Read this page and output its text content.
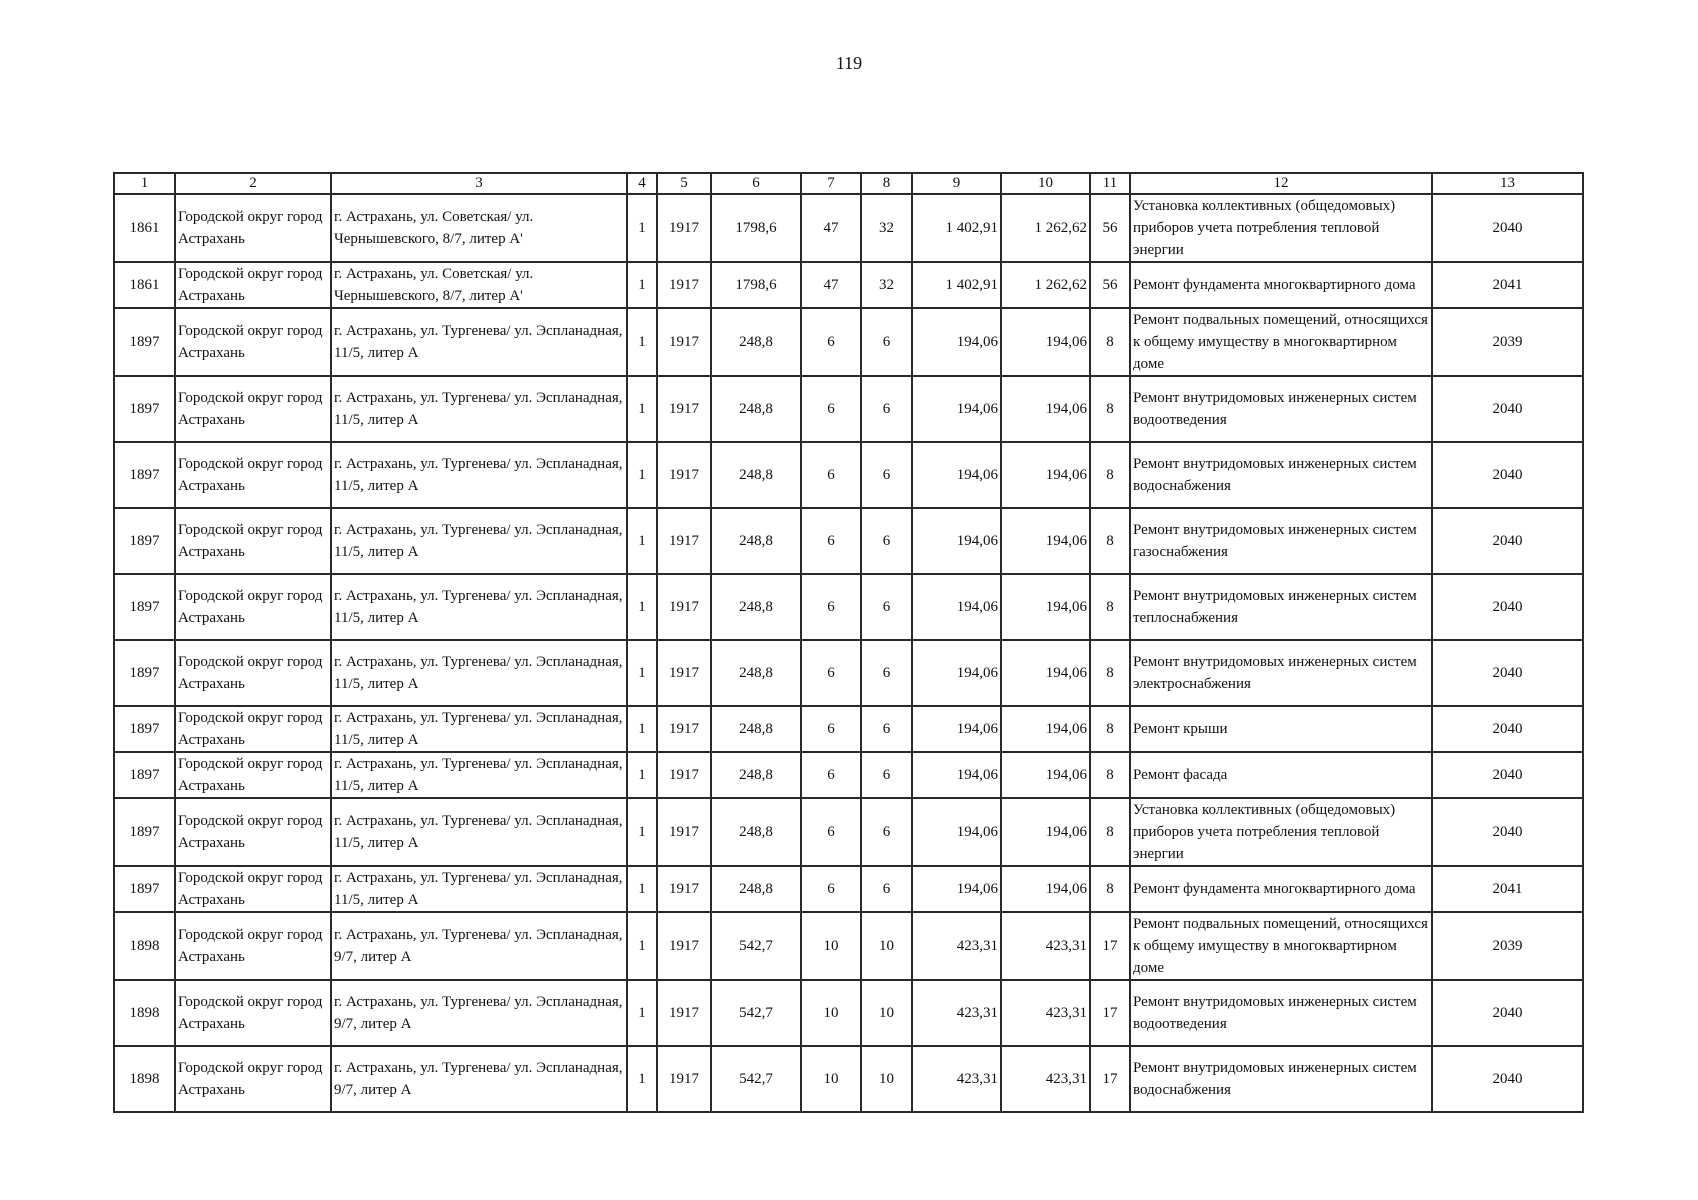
119
1	2	3	4	5	6	7	8	9	10	11	12	13
1861	Городской округ город Астрахань	г. Астрахань, ул. Советская/ ул. Чернышевского, 8/7, литер А'	1	1917	1798,6	47	32	1 402,91	1 262,62	56	Установка коллективных (общедомовых) приборов учета потребления тепловой энергии	2040
1861	Городской округ город Астрахань	г. Астрахань, ул. Советская/ ул. Чернышевского, 8/7, литер А'	1	1917	1798,6	47	32	1 402,91	1 262,62	56	Ремонт фундамента многоквартирного дома	2041
1897	Городской округ город Астрахань	г. Астрахань, ул. Тургенева/ ул. Эспланадная, 11/5, литер А	1	1917	248,8	6	6	194,06	194,06	8	Ремонт подвальных помещений, относящихся к общему имуществу в многоквартирном доме	2039
1897	Городской округ город Астрахань	г. Астрахань, ул. Тургенева/ ул. Эспланадная, 11/5, литер А	1	1917	248,8	6	6	194,06	194,06	8	Ремонт внутридомовых инженерных систем водоотведения	2040
1897	Городской округ город Астрахань	г. Астрахань, ул. Тургенева/ ул. Эспланадная, 11/5, литер А	1	1917	248,8	6	6	194,06	194,06	8	Ремонт внутридомовых инженерных систем водоснабжения	2040
1897	Городской округ город Астрахань	г. Астрахань, ул. Тургенева/ ул. Эспланадная, 11/5, литер А	1	1917	248,8	6	6	194,06	194,06	8	Ремонт внутридомовых инженерных систем газоснабжения	2040
1897	Городской округ город Астрахань	г. Астрахань, ул. Тургенева/ ул. Эспланадная, 11/5, литер А	1	1917	248,8	6	6	194,06	194,06	8	Ремонт внутридомовых инженерных систем теплоснабжения	2040
1897	Городской округ город Астрахань	г. Астрахань, ул. Тургенева/ ул. Эспланадная, 11/5, литер А	1	1917	248,8	6	6	194,06	194,06	8	Ремонт внутридомовых инженерных систем электроснабжения	2040
1897	Городской округ город Астрахань	г. Астрахань, ул. Тургенева/ ул. Эспланадная, 11/5, литер А	1	1917	248,8	6	6	194,06	194,06	8	Ремонт крыши	2040
1897	Городской округ город Астрахань	г. Астрахань, ул. Тургенева/ ул. Эспланадная, 11/5, литер А	1	1917	248,8	6	6	194,06	194,06	8	Ремонт фасада	2040
1897	Городской округ город Астрахань	г. Астрахань, ул. Тургенева/ ул. Эспланадная, 11/5, литер А	1	1917	248,8	6	6	194,06	194,06	8	Установка коллективных (общедомовых) приборов учета потребления тепловой энергии	2040
1897	Городской округ город Астрахань	г. Астрахань, ул. Тургенева/ ул. Эспланадная, 11/5, литер А	1	1917	248,8	6	6	194,06	194,06	8	Ремонт фундамента многоквартирного дома	2041
1898	Городской округ город Астрахань	г. Астрахань, ул. Тургенева/ ул. Эспланадная, 9/7, литер А	1	1917	542,7	10	10	423,31	423,31	17	Ремонт подвальных помещений, относящихся к общему имуществу в многоквартирном доме	2039
1898	Городской округ город Астрахань	г. Астрахань, ул. Тургенева/ ул. Эспланадная, 9/7, литер А	1	1917	542,7	10	10	423,31	423,31	17	Ремонт внутридомовых инженерных систем водоотведения	2040
1898	Городской округ город Астрахань	г. Астрахань, ул. Тургенева/ ул. Эспланадная, 9/7, литер А	1	1917	542,7	10	10	423,31	423,31	17	Ремонт внутридомовых инженерных систем водоснабжения	2040
